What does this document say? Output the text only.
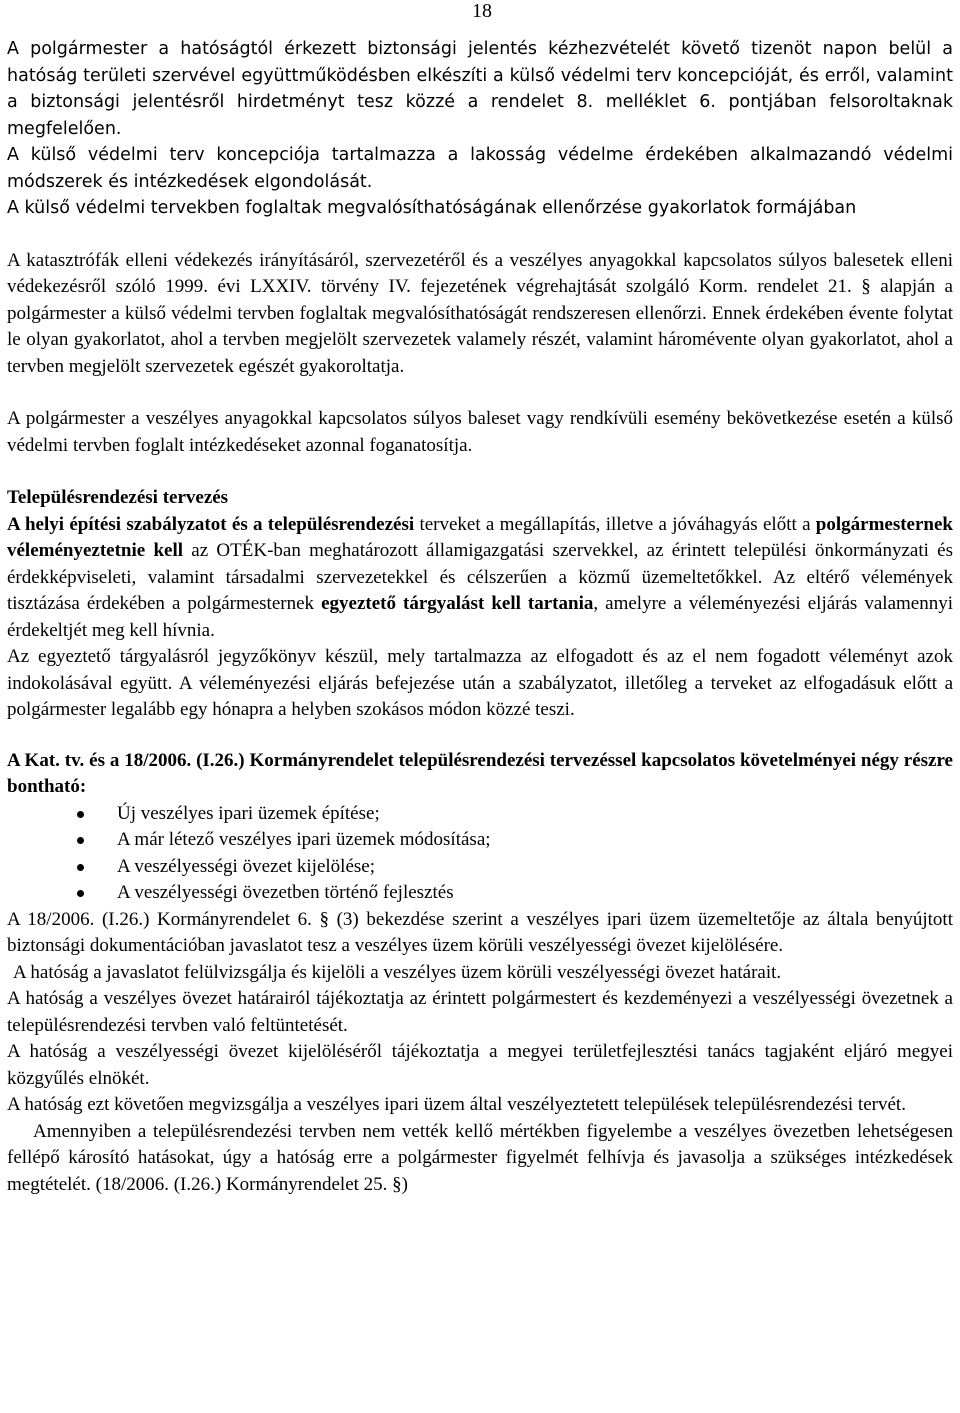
18

A polgármester a hatóságtól érkezett biztonsági jelentés kézhezvételét követő tizenöt napon belül a hatóság területi szervével együttműködésben elkészíti a külső védelmi terv koncepcióját, és erről, valamint a biztonsági jelentésről hirdetményt tesz közzé a rendelet 8. melléklet 6. pontjában felsoroltaknak megfelelően.

A külső védelmi terv koncepciója tartalmazza a lakosság védelme érdekében alkalmazandó védelmi módszerek és intézkedések elgondolását.

A külső védelmi tervekben foglaltak megvalósíthatóságának ellenőrzése gyakorlatok formájában

A katasztrófák elleni védekezés irányításáról, szervezetéről és a veszélyes anyagokkal kapcsolatos súlyos balesetek elleni védekezésről szóló 1999. évi LXXIV. törvény IV. fejezetének végrehajtását szolgáló Korm. rendelet 21. § alapján a polgármester a külső védelmi tervben foglaltak megvalósíthatóságát rendszeresen ellenőrzi. Ennek érdekében évente folytat le olyan gyakorlatot, ahol a tervben megjelölt szervezetek valamely részét, valamint háromévente olyan gyakorlatot, ahol a tervben megjelölt szervezetek egészét gyakoroltatja.

A polgármester a veszélyes anyagokkal kapcsolatos súlyos baleset vagy rendkívüli esemény bekövetkezése esetén a külső védelmi tervben foglalt intézkedéseket azonnal foganatosítja.

Településrendezési tervezés

A helyi építési szabályzatot és a településrendezési terveket a megállapítás, illetve a jóváhagyás előtt a polgármesternek véleményeztetnie kell az OTÉK-ban meghatározott államigazgatási szervekkel, az érintett települési önkormányzati és érdekképviseleti, valamint társadalmi szervezetekkel és célszerűen a közmű üzemeltetőkkel. Az eltérő vélemények tisztázása érdekében a polgármesternek egyeztető tárgyalást kell tartania, amelyre a véleményezési eljárás valamennyi érdekeltjét meg kell hívnia.

Az egyeztető tárgyalásról jegyzőkönyv készül, mely tartalmazza az elfogadott és az el nem fogadott véleményt azok indokolásával együtt. A véleményezési eljárás befejezése után a szabályzatot, illetőleg a terveket az elfogadásuk előtt a polgármester legalább egy hónapra a helyben szokásos módon közzé teszi.

A Kat. tv. és a 18/2006. (I.26.) Kormányrendelet településrendezési tervezéssel kapcsolatos követelményei négy részre bontható:

Új veszélyes ipari üzemek építése;
A már létező veszélyes ipari üzemek módosítása;
A veszélyességi övezet kijelölése;
A veszélyességi övezetben történő fejlesztés

A 18/2006. (I.26.) Kormányrendelet 6. § (3) bekezdése szerint a veszélyes ipari üzem üzemeltetője az általa benyújtott biztonsági dokumentációban javaslatot tesz a veszélyes üzem körüli veszélyességi övezet kijelölésére.

A hatóság a javaslatot felülvizsgálja és kijelöli a veszélyes üzem körüli veszélyességi övezet határait.

A hatóság a veszélyes övezet határairól tájékoztatja az érintett polgármestert és kezdeményezi a veszélyességi övezetnek a településrendezési tervben való feltüntetését.

A hatóság a veszélyességi övezet kijelöléséről tájékoztatja a megyei területfejlesztési tanács tagjaként eljáró megyei közgyűlés elnökét.

A hatóság ezt követően megvizsgálja a veszélyes ipari üzem által veszélyeztetett települések településrendezési tervét.

Amennyiben a településrendezési tervben nem vették kellő mértékben figyelembe a veszélyes övezetben lehetségesen fellépő károsító hatásokat, úgy a hatóság erre a polgármester figyelmét felhívja és javasolja a szükséges intézkedések megtételét. (18/2006. (I.26.) Kormányrendelet 25. §)
